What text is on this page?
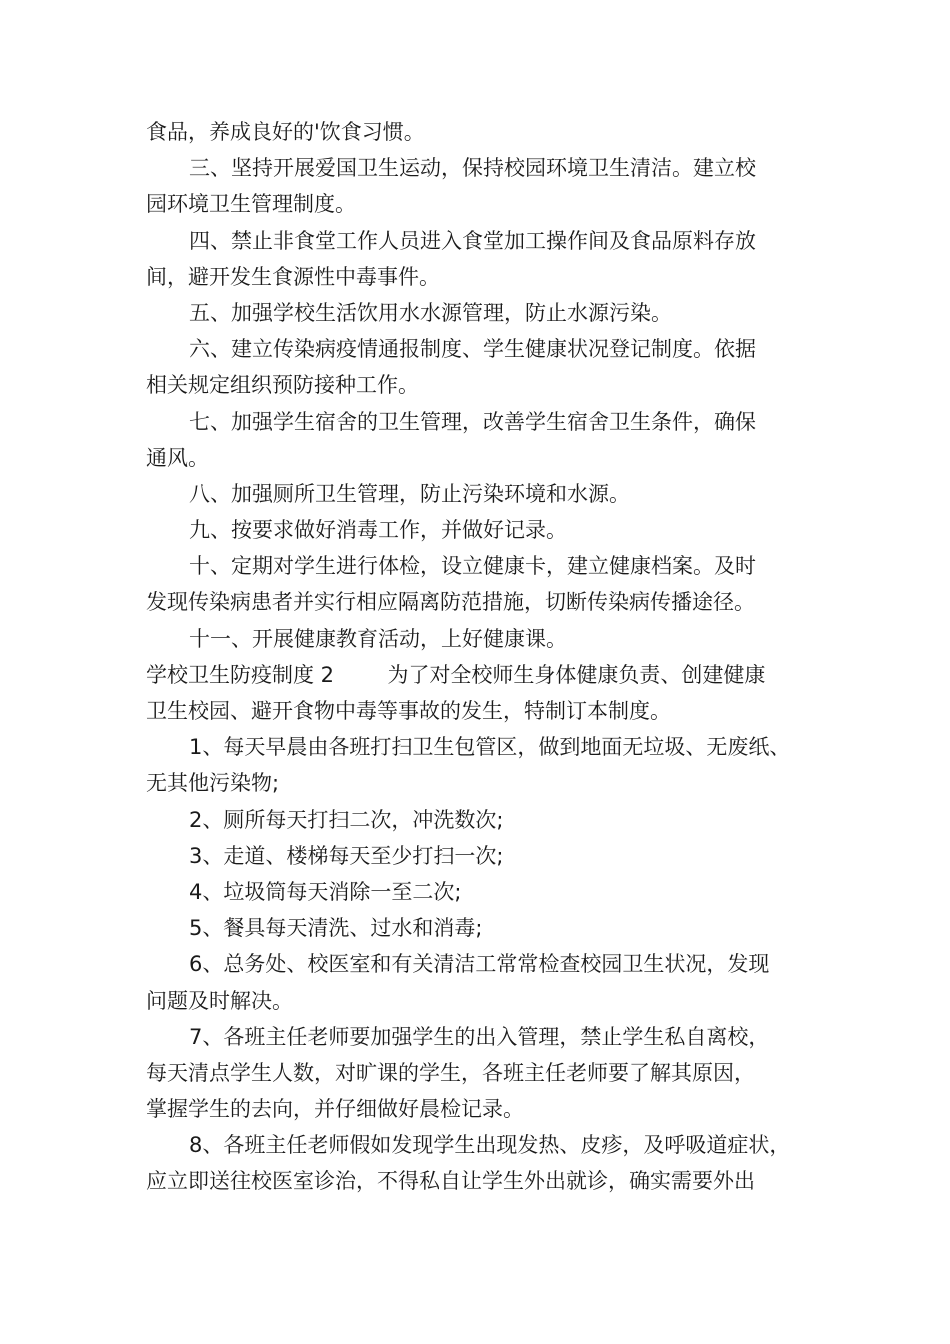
食品，养成良好的'饮食习惯。

三、坚持开展爱国卫生运动，保持校园环境卫生清洁。建立校
园环境卫生管理制度。

四、禁止非食堂工作人员进入食堂加工操作间及食品原料存放
间，避开发生食源性中毒事件。

五、加强学校生活饮用水水源管理，防止水源污染。

六、建立传染病疫情通报制度、学生健康状况登记制度。依据
相关规定组织预防接种工作。

七、加强学生宿舍的卫生管理，改善学生宿舍卫生条件，确保
通风。

八、加强厕所卫生管理，防止污染环境和水源。

九、按要求做好消毒工作，并做好记录。

十、定期对学生进行体检，设立健康卡，建立健康档案。及时
发现传染病患者并实行相应隔离防范措施，切断传染病传播途径。

十一、开展健康教育活动，上好健康课。

学校卫生防疫制度 2        为了对全校师生身体健康负责、创建健康
卫生校园、避开食物中毒等事故的发生，特制订本制度。

1、每天早晨由各班打扫卫生包管区，做到地面无垃圾、无废纸、
无其他污染物;

2、厕所每天打扫二次，冲洗数次;

3、走道、楼梯每天至少打扫一次;

4、垃圾筒每天消除一至二次;

5、餐具每天清洗、过水和消毒;

6、总务处、校医室和有关清洁工常常检查校园卫生状况，发现
问题及时解决。

7、各班主任老师要加强学生的出入管理，禁止学生私自离校，
每天清点学生人数，对旷课的学生，各班主任老师要了解其原因，
掌握学生的去向，并仔细做好晨检记录。

8、各班主任老师假如发现学生出现发热、皮疹，及呼吸道症状，
应立即送往校医室诊治，不得私自让学生外出就诊，确实需要外出
